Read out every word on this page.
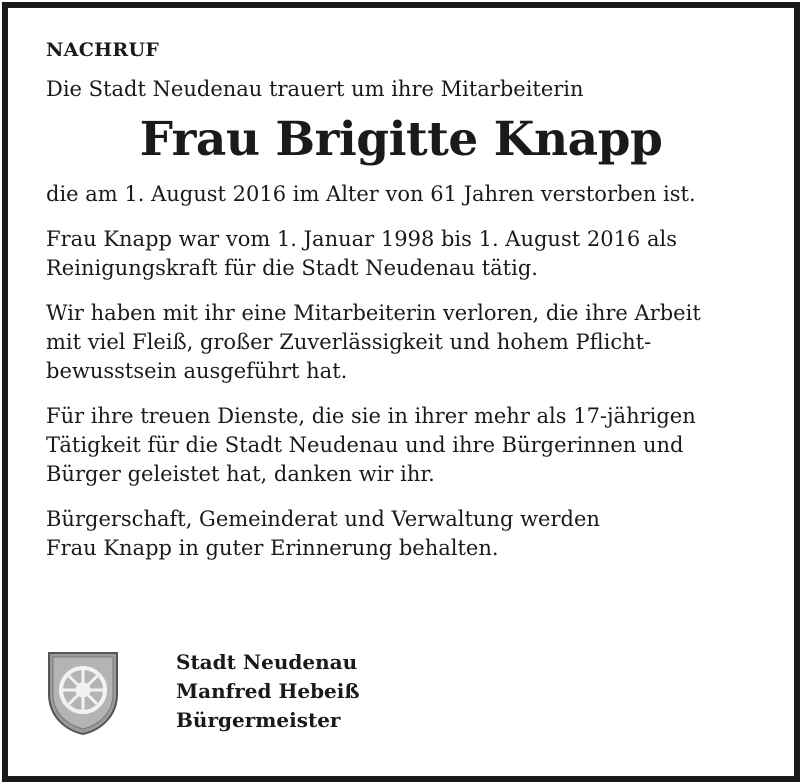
NACHRUF

Die Stadt Neudenau trauert um ihre Mitarbeiterin

Frau Brigitte Knapp

die am 1. August 2016 im Alter von 61 Jahren verstorben ist.

Frau Knapp war vom 1. Januar 1998 bis 1. August 2016 als
Reinigungskraft für die Stadt Neudenau tätig.

Wir haben mit ihr eine Mitarbeiterin verloren, die ihre Arbeit
mit viel Fleiß, großer Zuverlässigkeit und hohem Pflicht-
bewusstsein ausgeführt hat.

Für ihre treuen Dienste, die sie in ihrer mehr als 17-jährigen
Tätigkeit für die Stadt Neudenau und ihre Bürgerinnen und
Bürger geleistet hat, danken wir ihr.

Bürgerschaft, Gemeinderat und Verwaltung werden
Frau Knapp in guter Erinnerung behalten.

Stadt Neudenau
Manfred Hebeiß
Bürgermeister
